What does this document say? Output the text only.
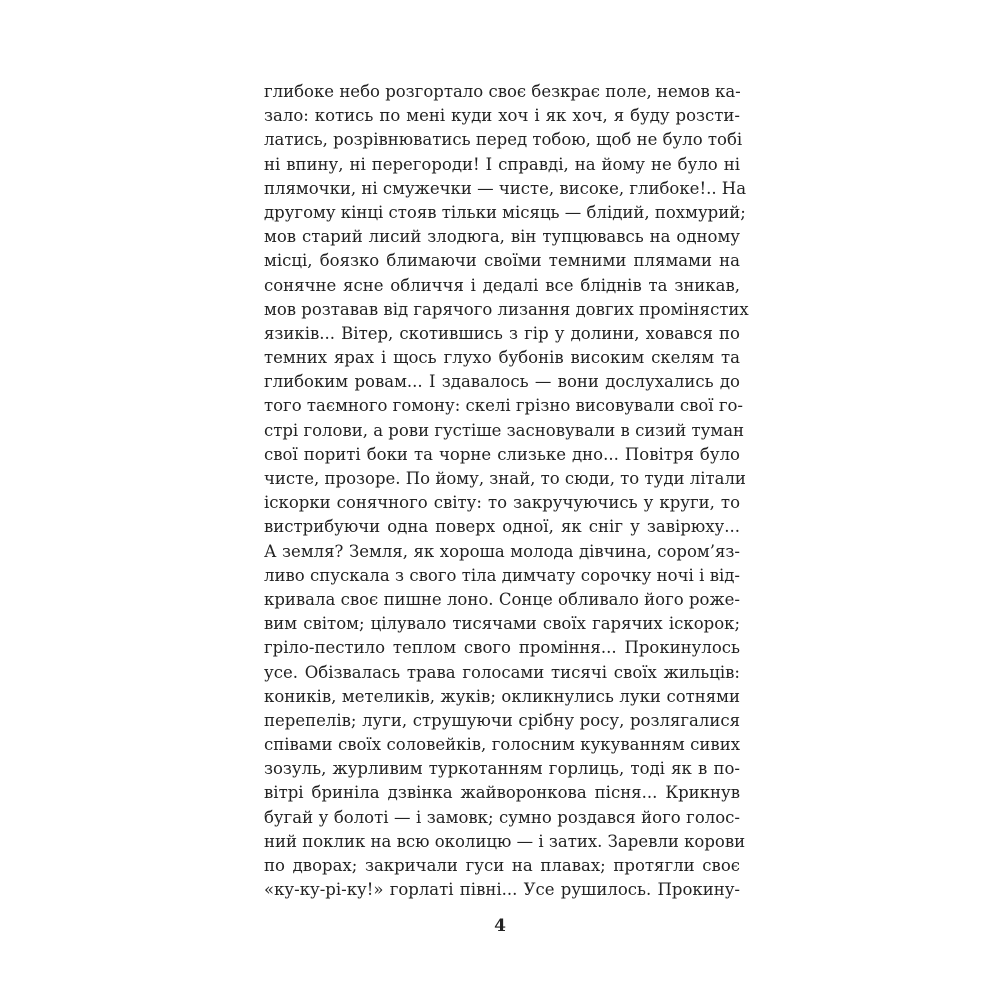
глибоке небо розгортало своє безкрає поле, немов ка-
зало: котись по мені куди хоч і як хоч, я буду розсти-
латись, розрівнюватись перед тобою, щоб не було тобі
ні впину, ні перегороди! І справді, на йому не було ні
плямочки, ні смужечки — чисте, високе, глибоке!.. На
другому кінці стояв тільки місяць — блідий, похмурий;
мов старий лисий злодюга, він тупцювавсь на одному
місці, боязко блимаючи своїми темними плямами на
сонячне ясне обличчя і дедалі все бліднів та зникав,
мов розтавав від гарячого лизання довгих промінястих
язиків... Вітер, скотившись з гір у долини, ховався по
темних ярах і щось глухо бубонів високим скелям та
глибоким ровам... І здавалось — вони дослухались до
того таємного гомону: скелі грізно висовували свої го-
стрі голови, а рови густіше засновували в сизий туман
свої пориті боки та чорне слизьке дно... Повітря було
чисте, прозоре. По йому, знай, то сюди, то туди літали
іскорки сонячного світу: то закручуючись у круги, то
вистрибуючи одна поверх одної, як сніг у завірюху...
А земля? Земля, як хороша молода дівчина, сором’яз-
ливо спускала з свого тіла димчату сорочку ночі і від-
кривала своє пишне лоно. Сонце обливало його роже-
вим світом; цілувало тисячами своїх гарячих іскорок;
гріло-пестило теплом свого проміння... Прокинулось
усе. Обізвалась трава голосами тисячі своїх жильців:
коників, метеликів, жуків; окликнулись луки сотнями
перепелів; луги, струшуючи срібну росу, розлягалися
співами своїх соловейків, голосним кукуванням сивих
зозуль, журливим туркотанням горлиць, тоді як в по-
вітрі бриніла дзвінка жайворонкова пісня... Крикнув
бугай у болоті — і замовк; сумно роздався його голос-
ний поклик на всю околицю — і затих. Заревли корови
по дворах; закричали гуси на плавах; протягли своє
«ку-ку-рі-ку!» горлаті півні... Усе рушилось. Прокину-
4
